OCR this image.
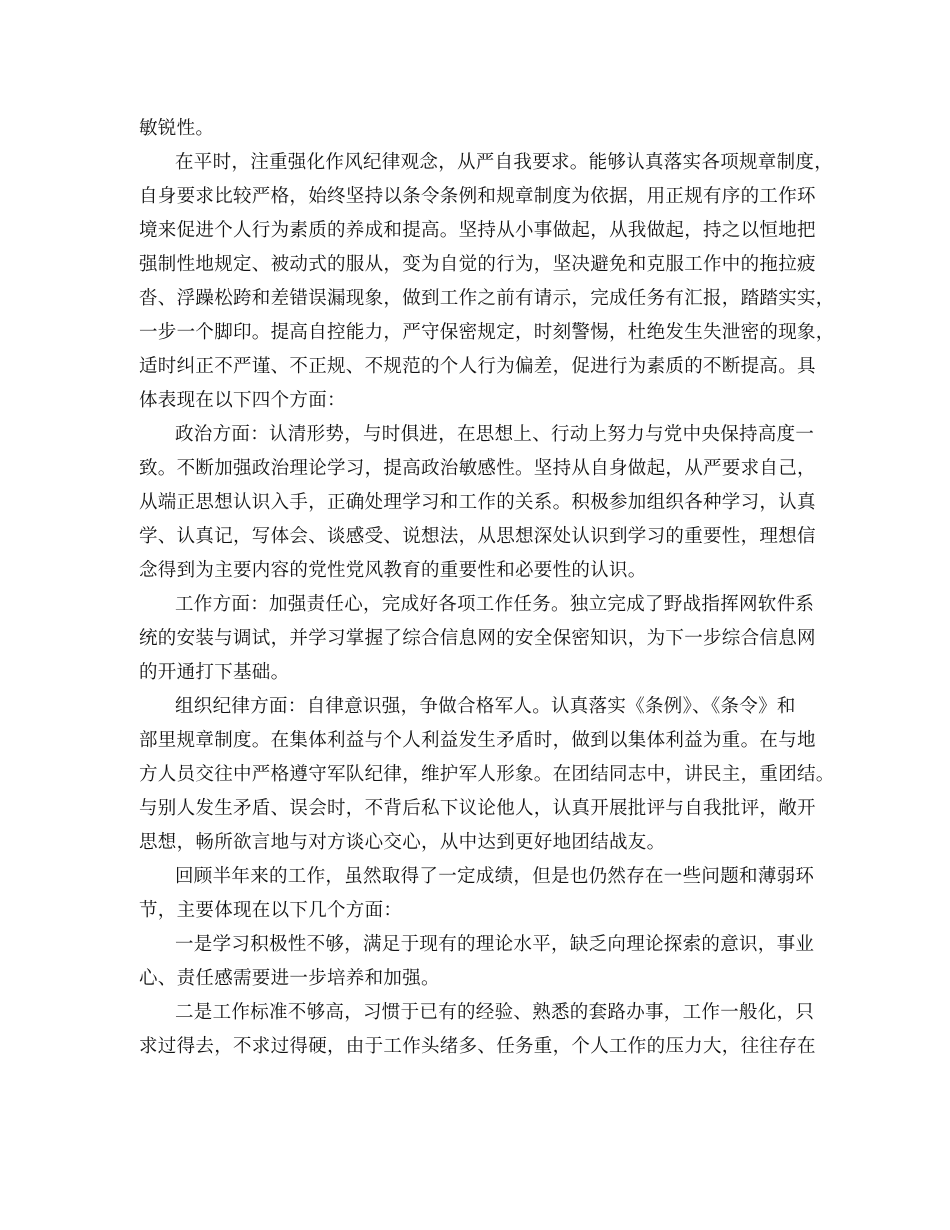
敏锐性。
在平时，注重强化作风纪律观念，从严自我要求。能够认真落实各项规章制度，
自身要求比较严格，始终坚持以条令条例和规章制度为依据，用正规有序的工作环
境来促进个人行为素质的养成和提高。坚持从小事做起，从我做起，持之以恒地把
强制性地规定、被动式的服从，变为自觉的行为，坚决避免和克服工作中的拖拉疲
沓、浮躁松跨和差错误漏现象，做到工作之前有请示，完成任务有汇报，踏踏实实，
一步一个脚印。提高自控能力，严守保密规定，时刻警惕，杜绝发生失泄密的现象，
适时纠正不严谨、不正规、不规范的个人行为偏差，促进行为素质的不断提高。具
体表现在以下四个方面：
政治方面：认清形势，与时俱进，在思想上、行动上努力与党中央保持高度一
致。不断加强政治理论学习，提高政治敏感性。坚持从自身做起，从严要求自己，
从端正思想认识入手，正确处理学习和工作的关系。积极参加组织各种学习，认真
学、认真记，写体会、谈感受、说想法，从思想深处认识到学习的重要性，理想信
念得到为主要内容的党性党风教育的重要性和必要性的认识。
工作方面：加强责任心，完成好各项工作任务。独立完成了野战指挥网软件系
统的安装与调试，并学习掌握了综合信息网的安全保密知识，为下一步综合信息网
的开通打下基础。
组织纪律方面：自律意识强，争做合格军人。认真落实《条例》、《条令》和
部里规章制度。在集体利益与个人利益发生矛盾时，做到以集体利益为重。在与地
方人员交往中严格遵守军队纪律，维护军人形象。在团结同志中，讲民主，重团结。
与别人发生矛盾、误会时，不背后私下议论他人，认真开展批评与自我批评，敞开
思想，畅所欲言地与对方谈心交心，从中达到更好地团结战友。
回顾半年来的工作，虽然取得了一定成绩，但是也仍然存在一些问题和薄弱环
节，主要体现在以下几个方面：
一是学习积极性不够，满足于现有的理论水平，缺乏向理论探索的意识，事业
心、责任感需要进一步培养和加强。
二是工作标准不够高，习惯于已有的经验、熟悉的套路办事，工作一般化，只
求过得去，不求过得硬，由于工作头绪多、任务重，个人工作的压力大，往往存在
